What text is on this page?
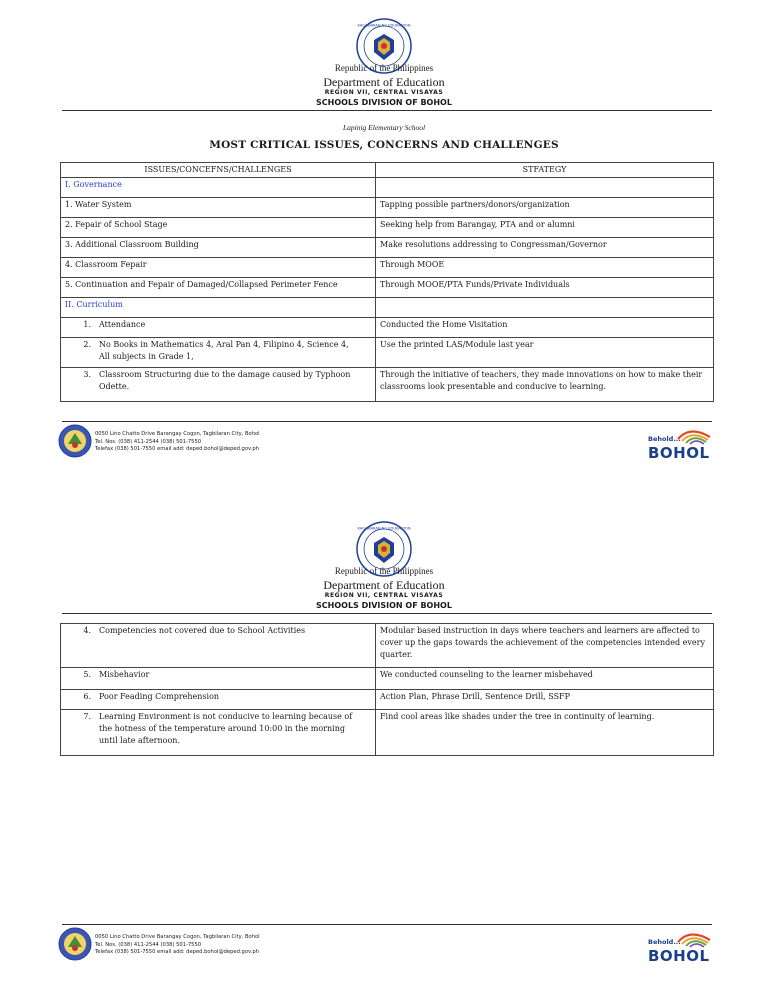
KAGAWARAN NG EDUKASYON
Republic of the Philippines
Department of Education
REGION VII, CENTRAL VISAYAS
SCHOOLS DIVISION OF BOHOL
Lapinig Elementary School
MOST CRITICAL ISSUES, CONCERNS AND CHALLENGES
ISSUES/CONCEFNS/CHALLENGES	STFATEGY
I. Governance	
1. Water System	Tapping possible partners/donors/organization
2. Fepair of School Stage	Seeking help from Barangay, PTA and or alumni
3. Additional Classroom Building	Make resolutions addressing to Congressman/Governor
4. Classroom Fepair	Through MOOE
5. Continuation and Fepair of Damaged/Collapsed Perimeter Fence	Through MOOE/PTA Funds/Private Individuals
II. Curriculum	
1. Attendance	Conducted the Home Visitation
2. No Books in Mathematics 4, Aral Pan 4, Filipino 4, Science 4, All subjects in Grade 1,	Use the printed LAS/Module last year
3. Classroom Structuring due to the damage caused by Typhoon Odette.	Through the initiative of teachers, they made innovations on how to make their classrooms look presentable and conducive to learning.
0050 Lino Chatto Drive Barangay Cogon, Tagbilaran City, Bohol
Tel. Nos. (038) 411-2544 (038) 501-7550
Telefax (038) 501-7550 email add: deped.bohol@deped.gov.ph
Behold...
BOHOL
KAGAWARAN NG EDUKASYON
Republic of the Philippines
Department of Education
REGION VII, CENTRAL VISAYAS
SCHOOLS DIVISION OF BOHOL
4. Competencies not covered due to School Activities	Modular based instruction in days where teachers and learners are affected to cover up the gaps towards the achievement of the competencies intended every quarter.
5. Misbehavior	We conducted counseling to the learner misbehaved
6. Poor Feading Comprehension	Action Plan, Phrase Drill, Sentence Drill, SSFP
7. Learning Environment is not conducive to learning because of the hotness of the temperature around 10:00 in the morning until late afternoon.	Find cool areas like shades under the tree in continuity of learning.
0050 Lino Chatto Drive Barangay Cogon, Tagbilaran City, Bohol
Tel. Nos. (038) 411-2544 (038) 501-7550
Telefax (038) 501-7550 email add: deped.bohol@deped.gov.ph
Behold...
BOHOL
